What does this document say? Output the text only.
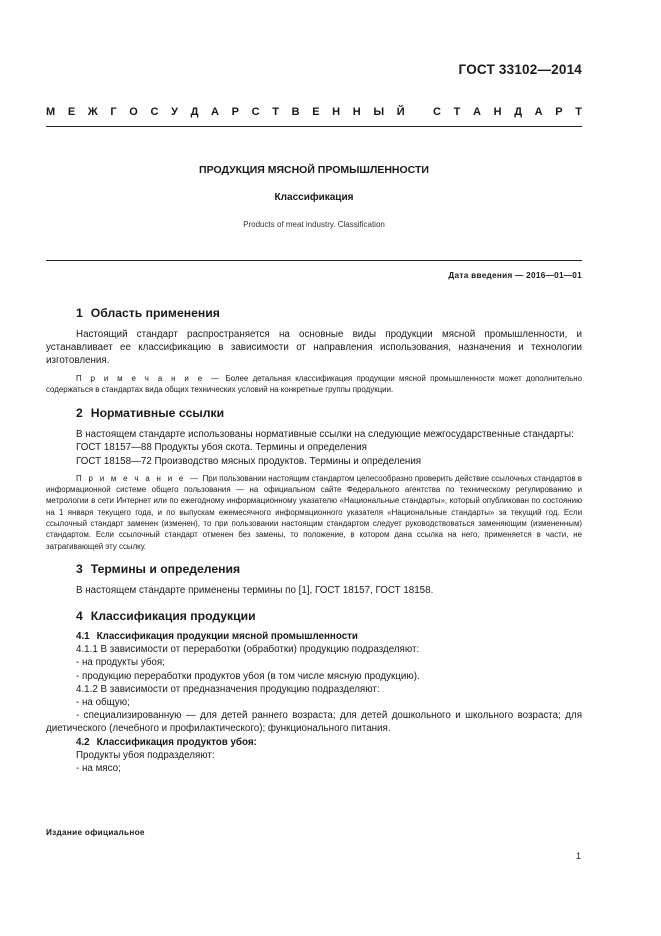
ГОСТ 33102—2014
М Е Ж Г О С У Д А Р С Т В Е Н Н Ы Й
	С Т А Н Д А Р Т
ПРОДУКЦИЯ МЯСНОЙ ПРОМЫШЛЕННОСТИ
Классификация
Products of meat industry. Classification
Дата введения — 2016—01—01
1 Область применения

Настоящий стандарт распространяется на основные виды продукции мясной промышленности, и устанавливает ее классификацию в зависимости от направления использования, назначения и технологии изготовления.

П р и м е ч а н и е — Более детальная классификация продукции мясной промышленности может дополнительно содержаться в стандартах вида общих технических условий на конкретные группы продукции.

2 Нормативные ссылки

В настоящем стандарте использованы нормативные ссылки на следующие межгосударственные стандарты:

ГОСТ 18157—88 Продукты убоя скота. Термины и определения

ГОСТ 18158—72 Производство мясных продуктов. Термины и определения

П р и м е ч а н и е — При пользовании настоящим стандартом целесообразно проверить действие ссылочных стандартов в информационной системе общего пользования — на официальном сайте Федерального агентства по техническому регулированию и метрологии в сети Интернет или по ежегодному информационному указателю «Национальные стандарты», который опубликован по состоянию на 1 января текущего года, и по выпускам ежемесячного информационного указателя «Национальные стандарты» за текущий год. Если ссылочный стандарт заменен (изменен), то при пользовании настоящим стандартом следует руководствоваться заменяющим (измененным) стандартом. Если ссылочный стандарт отменен без замены, то положение, в котором дана ссылка на него, применяется в части, не затрагивающей эту ссылку.

3 Термины и определения

В настоящем стандарте применены термины по [1], ГОСТ 18157, ГОСТ 18158.

4 Классификация продукции
4.1 Классификация продукции мясной промышленности

4.1.1 В зависимости от переработки (обработки) продукцию подразделяют:

- на продукты убоя;

- продукцию переработки продуктов убоя (в том числе мясную продукцию).

4.1.2 В зависимости от предназначения продукцию подразделяют:

- на общую;

- специализированную — для детей раннего возраста; для детей дошкольного и школьного возраста; для диетического (лечебного и профилактического); функционального питания.

4.2 Классификация продуктов убоя:

Продукты убоя подразделяют:

- на мясо;

Издание официальное
1
